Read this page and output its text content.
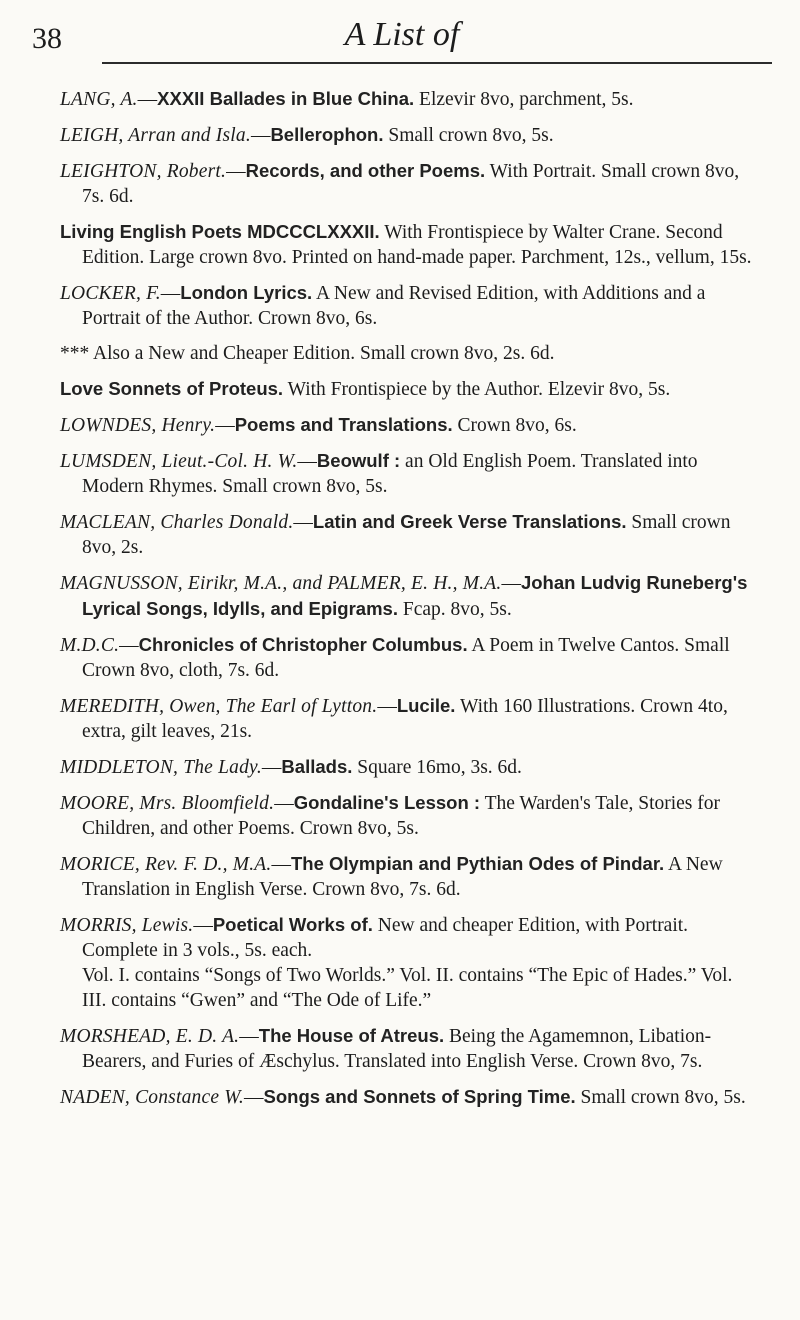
38	A List of

LANG, A.—XXXII Ballades in Blue China. Elzevir 8vo, parchment, 5s.

LEIGH, Arran and Isla.—Bellerophon. Small crown 8vo, 5s.

LEIGHTON, Robert.—Records, and other Poems. With Portrait. Small crown 8vo, 7s. 6d.

Living English Poets MDCCCLXXXII. With Frontispiece by Walter Crane. Second Edition. Large crown 8vo. Printed on hand-made paper. Parchment, 12s., vellum, 15s.

LOCKER, F.—London Lyrics. A New and Revised Edition, with Additions and a Portrait of the Author. Crown 8vo, 6s.

*** Also a New and Cheaper Edition. Small crown 8vo, 2s. 6d.

Love Sonnets of Proteus. With Frontispiece by the Author. Elzevir 8vo, 5s.

LOWNDES, Henry.—Poems and Translations. Crown 8vo, 6s.

LUMSDEN, Lieut.-Col. H. W.—Beowulf : an Old English Poem. Translated into Modern Rhymes. Small crown 8vo, 5s.

MACLEAN, Charles Donald.—Latin and Greek Verse Translations. Small crown 8vo, 2s.

MAGNUSSON, Eirikr, M.A., and PALMER, E. H., M.A.—Johan Ludvig Runeberg's Lyrical Songs, Idylls, and Epigrams. Fcap. 8vo, 5s.

M.D.C.—Chronicles of Christopher Columbus. A Poem in Twelve Cantos. Small Crown 8vo, cloth, 7s. 6d.

MEREDITH, Owen, The Earl of Lytton.—Lucile. With 160 Illustrations. Crown 4to, extra, gilt leaves, 21s.

MIDDLETON, The Lady.—Ballads. Square 16mo, 3s. 6d.

MOORE, Mrs. Bloomfield.—Gondaline's Lesson : The Warden's Tale, Stories for Children, and other Poems. Crown 8vo, 5s.

MORICE, Rev. F. D., M.A.—The Olympian and Pythian Odes of Pindar. A New Translation in English Verse. Crown 8vo, 7s. 6d.

MORRIS, Lewis.—Poetical Works of. New and cheaper Edition, with Portrait. Complete in 3 vols., 5s. each.
Vol. I. contains “Songs of Two Worlds.” Vol. II. contains “The Epic of Hades.” Vol. III. contains “Gwen” and “The Ode of Life.”

MORSHEAD, E. D. A.—The House of Atreus. Being the Agamemnon, Libation-Bearers, and Furies of Æschylus. Translated into English Verse. Crown 8vo, 7s.

NADEN, Constance W.—Songs and Sonnets of Spring Time. Small crown 8vo, 5s.
